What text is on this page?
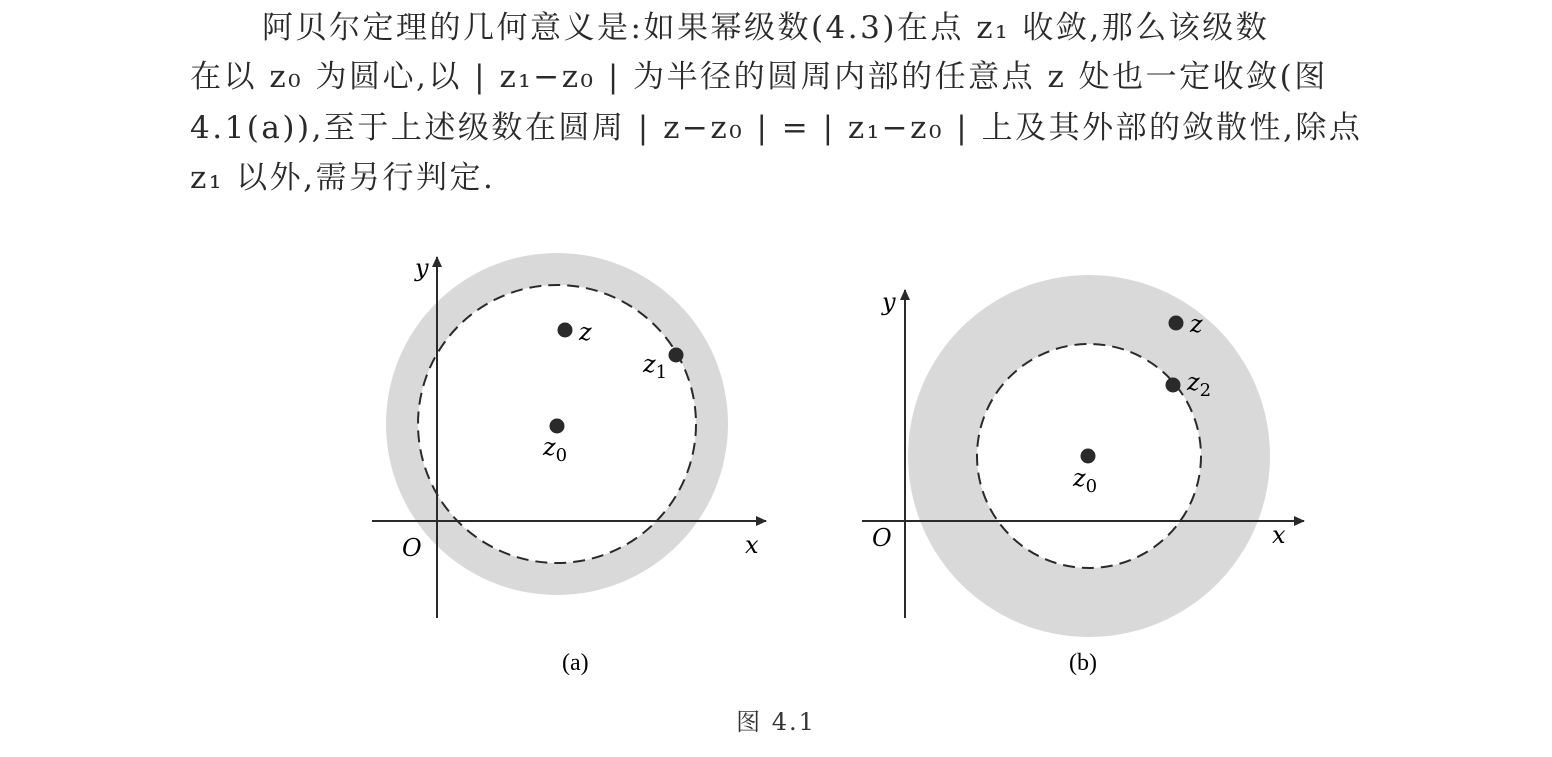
阿贝尔定理的几何意义是:如果幂级数(4.3)在点 z₁ 收敛,那么该级数
在以 z₀ 为圆心,以 | z₁−z₀ | 为半径的圆周内部的任意点 z 处也一定收敛(图
4.1(a)),至于上述级数在圆周 | z−z₀ | = | z₁−z₀ | 上及其外部的敛散性,除点
z₁ 以外,需另行判定.
y
x
O
z
$z_1$
$z_0$
(a)
y
x
O
z
$z_2$
$z_0$
(b)
图 4.1
